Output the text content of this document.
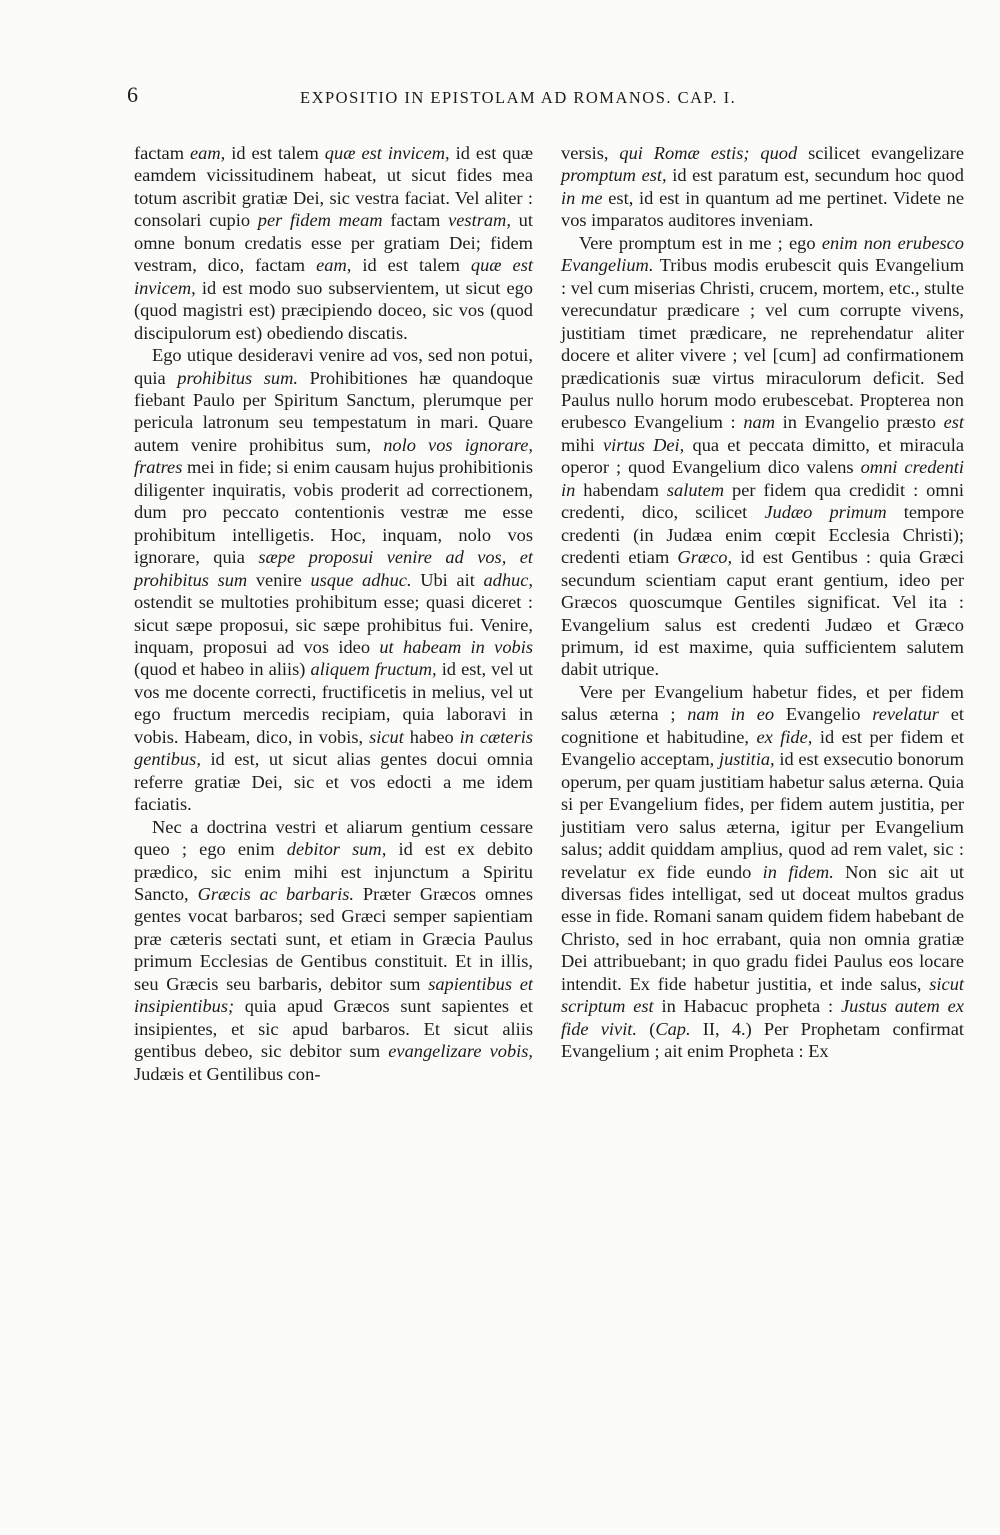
6	EXPOSITIO IN EPISTOLAM AD ROMANOS. CAP. I.

factam eam, id est talem quæ est invicem, id est quæ eamdem vicissitudinem habeat, ut sicut fides mea totum ascribit gratiæ Dei, sic vestra faciat. Vel aliter : consolari cupio per fidem meam factam vestram, ut omne bonum credatis esse per gratiam Dei; fidem vestram, dico, factam eam, id est talem quæ est invicem, id est modo suo subservientem, ut sicut ego (quod magistri est) præcipiendo doceo, sic vos (quod discipulorum est) obediendo discatis.

Ego utique desideravi venire ad vos, sed non potui, quia prohibitus sum. Prohibitiones hæ quandoque fiebant Paulo per Spiritum Sanctum, plerumque per pericula latronum seu tempestatum in mari. Quare autem venire prohibitus sum, nolo vos ignorare, fratres mei in fide; si enim causam hujus prohibitionis diligenter inquiratis, vobis proderit ad correctionem, dum pro peccato contentionis vestræ me esse prohibitum intelligetis. Hoc, inquam, nolo vos ignorare, quia sæpe proposui venire ad vos, et prohibitus sum venire usque adhuc. Ubi ait adhuc, ostendit se multoties prohibitum esse; quasi diceret : sicut sæpe proposui, sic sæpe prohibitus fui. Venire, inquam, proposui ad vos ideo ut habeam in vobis (quod et habeo in aliis) aliquem fructum, id est, vel ut vos me docente correcti, fructificetis in melius, vel ut ego fructum mercedis recipiam, quia laboravi in vobis. Habeam, dico, in vobis, sicut habeo in cæteris gentibus, id est, ut sicut alias gentes docui omnia referre gratiæ Dei, sic et vos edocti a me idem faciatis.

Nec a doctrina vestri et aliarum gentium cessare queo ; ego enim debitor sum, id est ex debito prædico, sic enim mihi est injunctum a Spiritu Sancto, Græcis ac barbaris. Præter Græcos omnes gentes vocat barbaros; sed Græci semper sapientiam præ cæteris sectati sunt, et etiam in Græcia Paulus primum Ecclesias de Gentibus constituit. Et in illis, seu Græcis seu barbaris, debitor sum sapientibus et insipientibus; quia apud Græcos sunt sapientes et insipientes, et sic apud barbaros. Et sicut aliis gentibus debeo, sic debitor sum evangelizare vobis, Judæis et Gentilibus con-

versis, qui Romæ estis; quod scilicet evangelizare promptum est, id est paratum est, secundum hoc quod in me est, id est in quantum ad me pertinet. Videte ne vos imparatos auditores inveniam.

Vere promptum est in me ; ego enim non erubesco Evangelium. Tribus modis erubescit quis Evangelium : vel cum miserias Christi, crucem, mortem, etc., stulte verecundatur prædicare ; vel cum corrupte vivens, justitiam timet prædicare, ne reprehendatur aliter docere et aliter vivere ; vel [cum] ad confirmationem prædicationis suæ virtus miraculorum deficit. Sed Paulus nullo horum modo erubescebat. Propterea non erubesco Evangelium : nam in Evangelio præsto est mihi virtus Dei, qua et peccata dimitto, et miracula operor ; quod Evangelium dico valens omni credenti in habendam salutem per fidem qua credidit : omni credenti, dico, scilicet Judæo primum tempore credenti (in Judæa enim cœpit Ecclesia Christi); credenti etiam Græco, id est Gentibus : quia Græci secundum scientiam caput erant gentium, ideo per Græcos quoscumque Gentiles significat. Vel ita : Evangelium salus est credenti Judæo et Græco primum, id est maxime, quia sufficientem salutem dabit utrique.

Vere per Evangelium habetur fides, et per fidem salus æterna ; nam in eo Evangelio revelatur et cognitione et habitudine, ex fide, id est per fidem et Evangelio acceptam, justitia, id est exsecutio bonorum operum, per quam justitiam habetur salus æterna. Quia si per Evangelium fides, per fidem autem justitia, per justitiam vero salus æterna, igitur per Evangelium salus; addit quiddam amplius, quod ad rem valet, sic : revelatur ex fide eundo in fidem. Non sic ait ut diversas fides intelligat, sed ut doceat multos gradus esse in fide. Romani sanam quidem fidem habebant de Christo, sed in hoc errabant, quia non omnia gratiæ Dei attribuebant; in quo gradu fidei Paulus eos locare intendit. Ex fide habetur justitia, et inde salus, sicut scriptum est in Habacuc propheta : Justus autem ex fide vivit. (Cap. II, 4.) Per Prophetam confirmat Evangelium ; ait enim Propheta : Ex
